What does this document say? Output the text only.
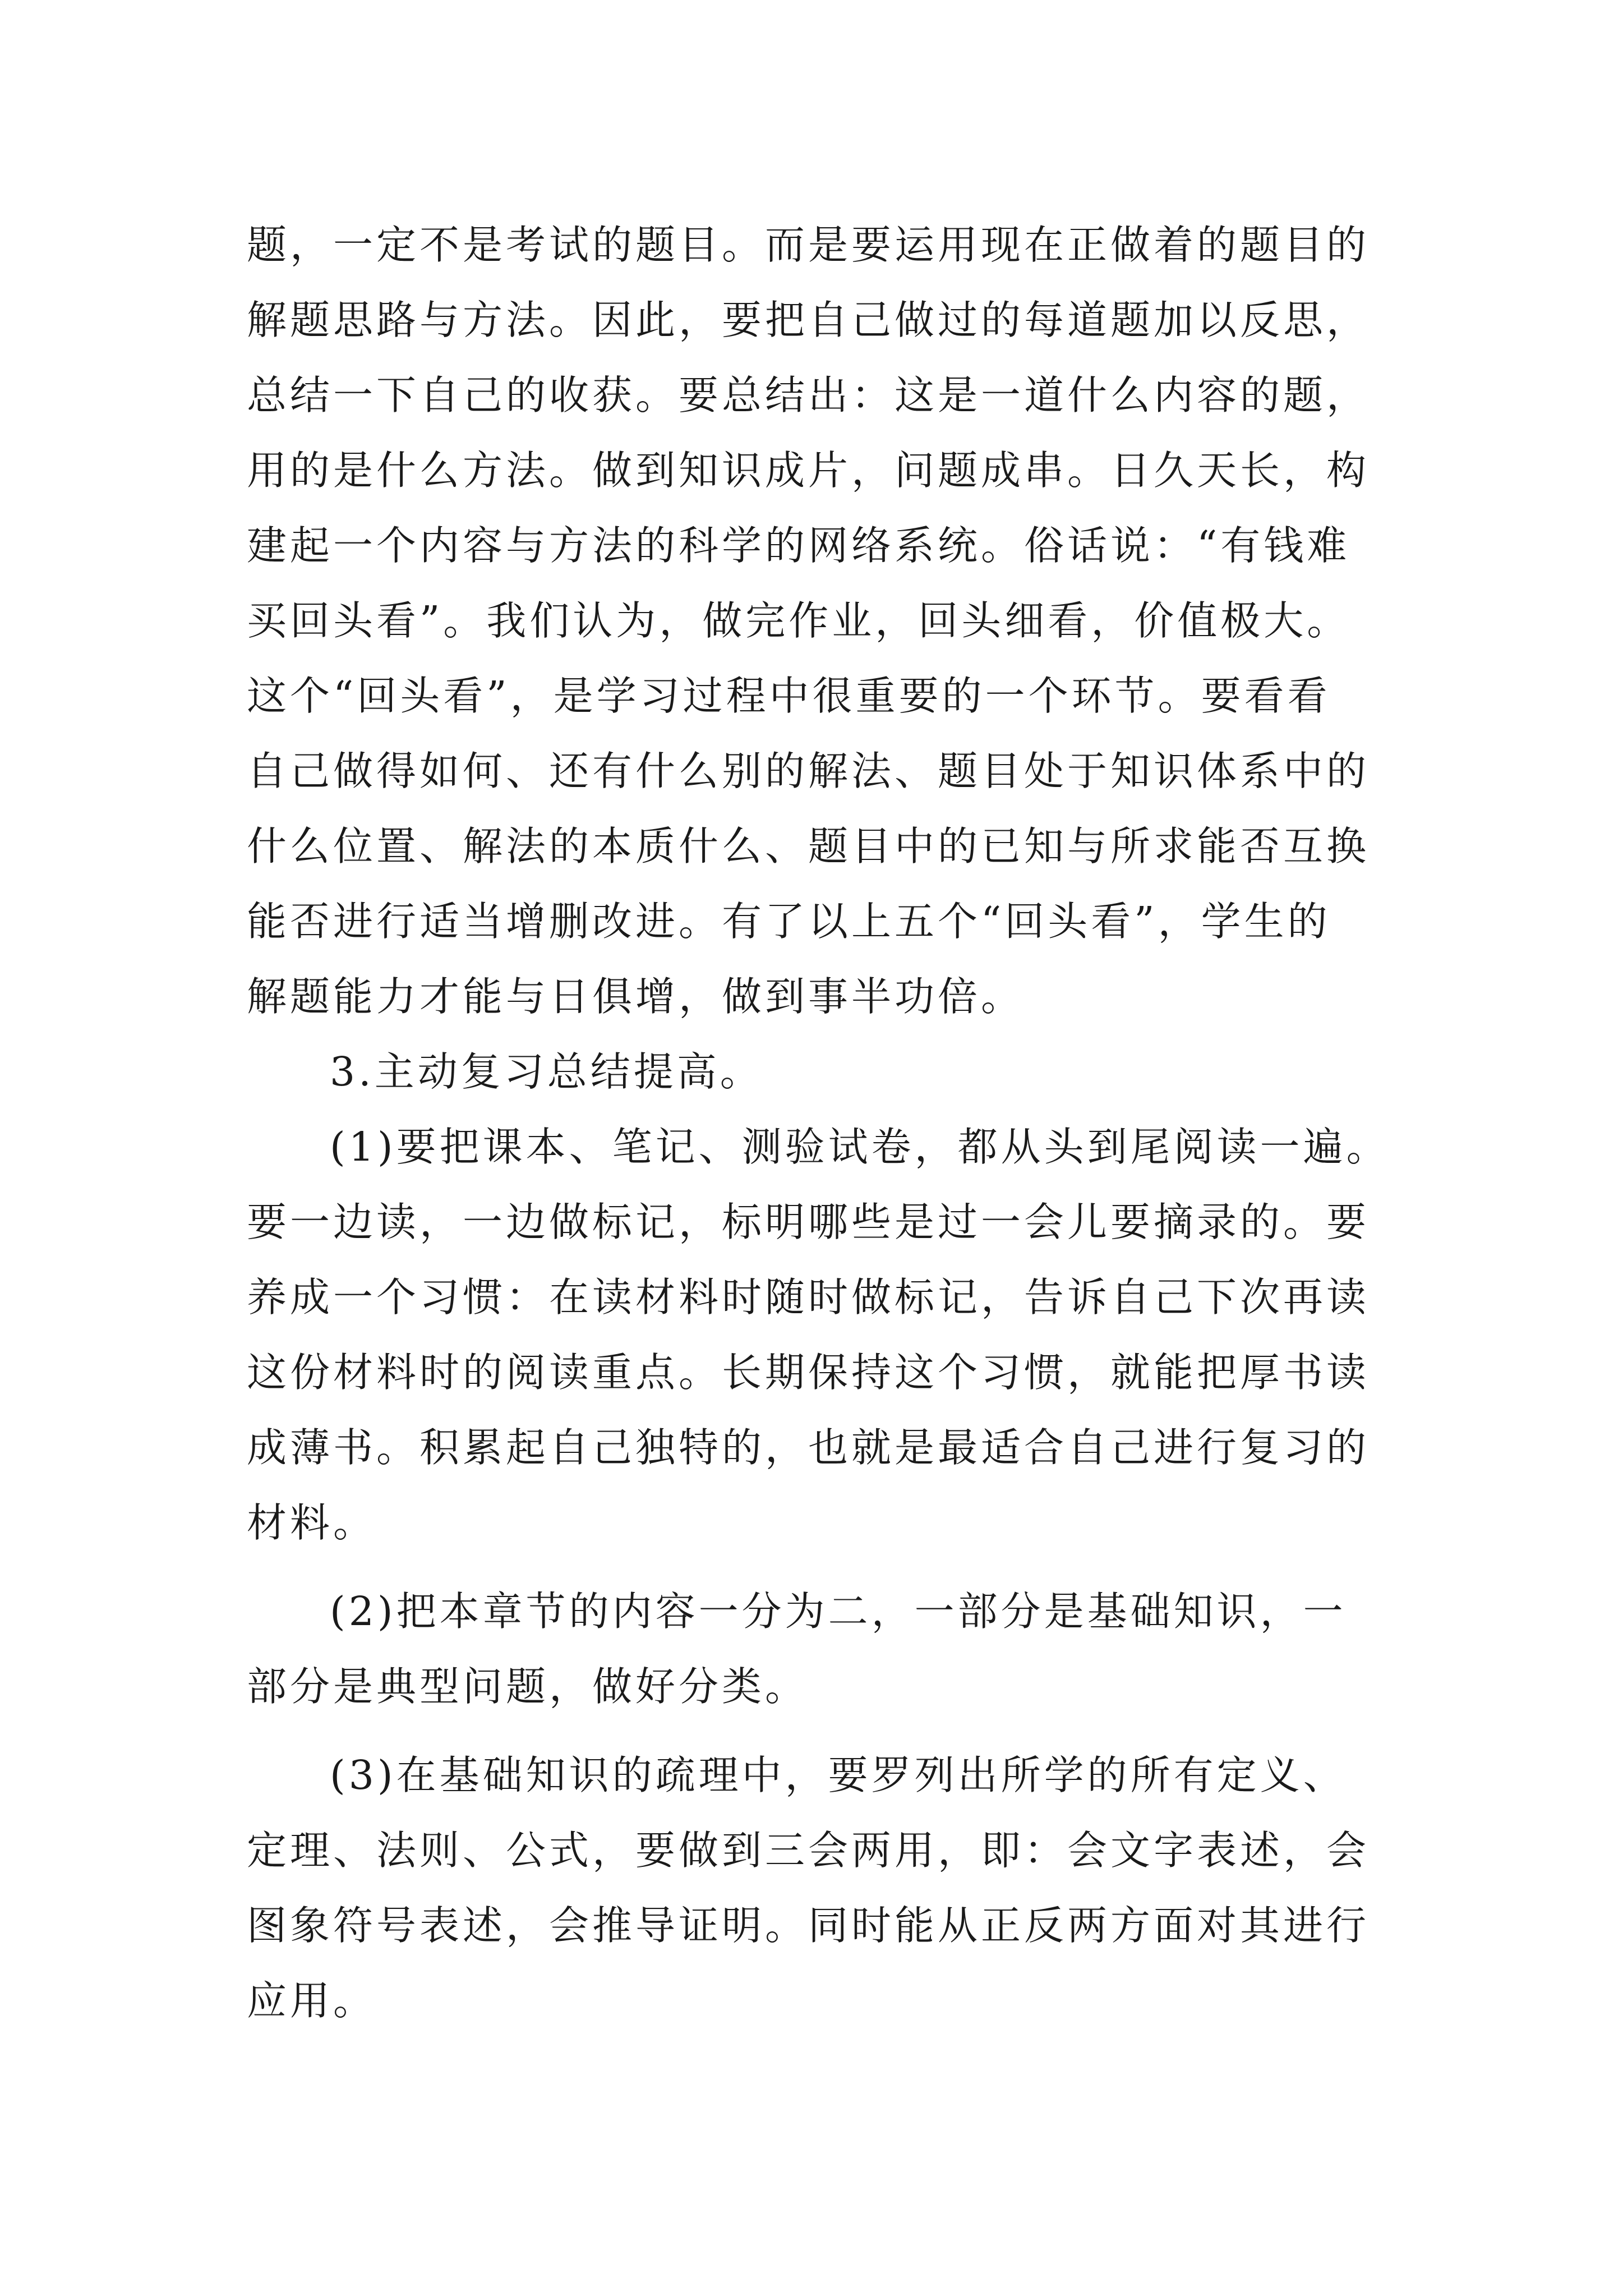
题，一定不是考试的题目。而是要运用现在正做着的题目的
解题思路与方法。因此，要把自己做过的每道题加以反思，
总结一下自己的收获。要总结出：这是一道什么内容的题，
用的是什么方法。做到知识成片，问题成串。日久天长，构
建起一个内容与方法的科学的网络系统。俗话说：“有钱难
买回头看”。我们认为，做完作业，回头细看，价值极大。
这个“回头看”，是学习过程中很重要的一个环节。要看看
自己做得如何、还有什么别的解法、题目处于知识体系中的
什么位置、解法的本质什么、题目中的已知与所求能否互换
能否进行适当增删改进。有了以上五个“回头看”，学生的
解题能力才能与日俱增，做到事半功倍。
3.主动复习总结提高。
(1)要把课本、笔记、测验试卷，都从头到尾阅读一遍。
要一边读，一边做标记，标明哪些是过一会儿要摘录的。要
养成一个习惯：在读材料时随时做标记，告诉自己下次再读
这份材料时的阅读重点。长期保持这个习惯，就能把厚书读
成薄书。积累起自己独特的，也就是最适合自己进行复习的
材料。
(2)把本章节的内容一分为二，一部分是基础知识，一
部分是典型问题，做好分类。
(3)在基础知识的疏理中，要罗列出所学的所有定义、
定理、法则、公式，要做到三会两用，即：会文字表述，会
图象符号表述，会推导证明。同时能从正反两方面对其进行
应用。
